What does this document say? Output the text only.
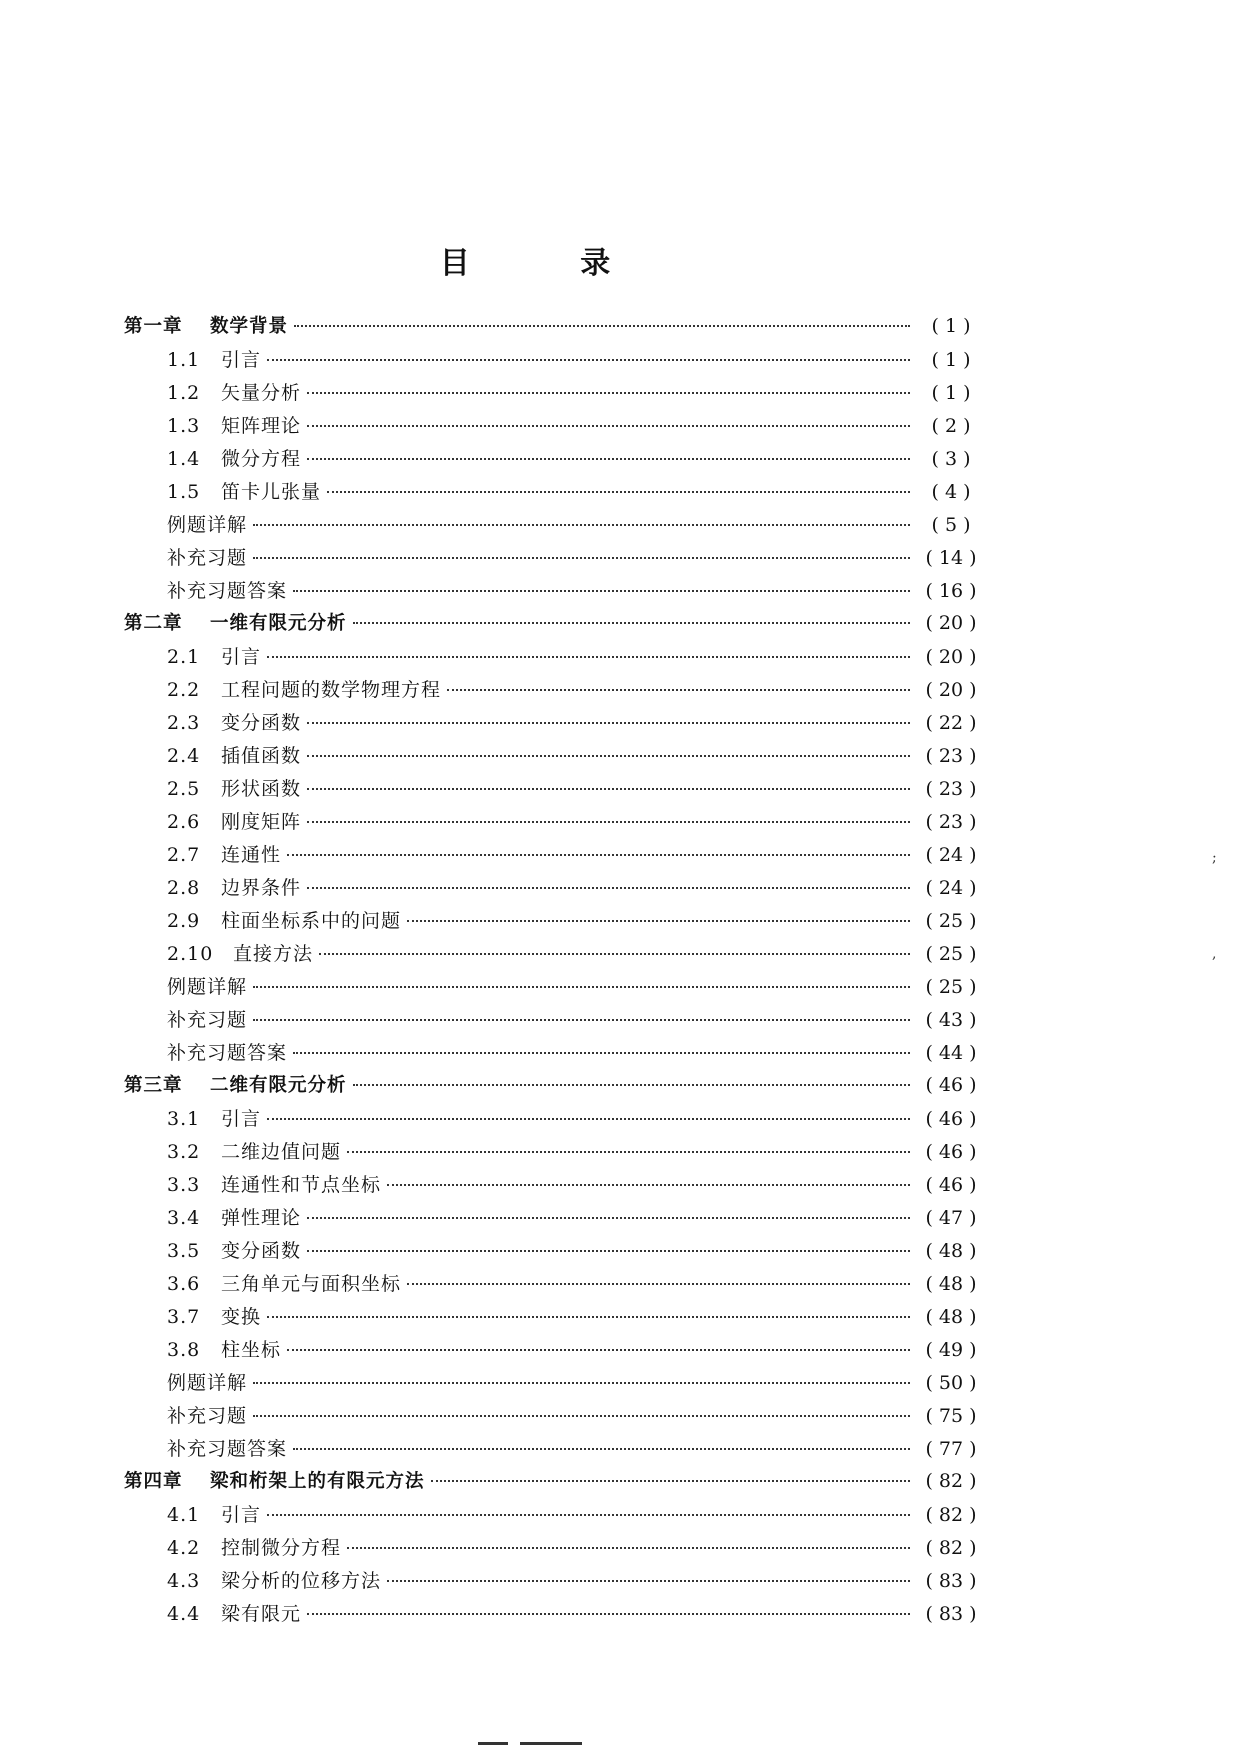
目 录
第一章	数学背景	( 1 )
1.1	引言	( 1 )
1.2	矢量分析	( 1 )
1.3	矩阵理论	( 2 )
1.4	微分方程	( 3 )
1.5	笛卡儿张量	( 4 )
例题详解	( 5 )
补充习题	( 14 )
补充习题答案	( 16 )
第二章	一维有限元分析	( 20 )
2.1	引言	( 20 )
2.2	工程问题的数学物理方程	( 20 )
2.3	变分函数	( 22 )
2.4	插值函数	( 23 )
2.5	形状函数	( 23 )
2.6	刚度矩阵	( 23 )
2.7	连通性	( 24 )
2.8	边界条件	( 24 )
2.9	柱面坐标系中的问题	( 25 )
2.10	直接方法	( 25 )
例题详解	( 25 )
补充习题	( 43 )
补充习题答案	( 44 )
第三章	二维有限元分析	( 46 )
3.1	引言	( 46 )
3.2	二维边值问题	( 46 )
3.3	连通性和节点坐标	( 46 )
3.4	弹性理论	( 47 )
3.5	变分函数	( 48 )
3.6	三角单元与面积坐标	( 48 )
3.7	变换	( 48 )
3.8	柱坐标	( 49 )
例题详解	( 50 )
补充习题	( 75 )
补充习题答案	( 77 )
第四章	梁和桁架上的有限元方法	( 82 )
4.1	引言	( 82 )
4.2	控制微分方程	( 82 )
4.3	梁分析的位移方法	( 83 )
4.4	梁有限元	( 83 )
;
,
